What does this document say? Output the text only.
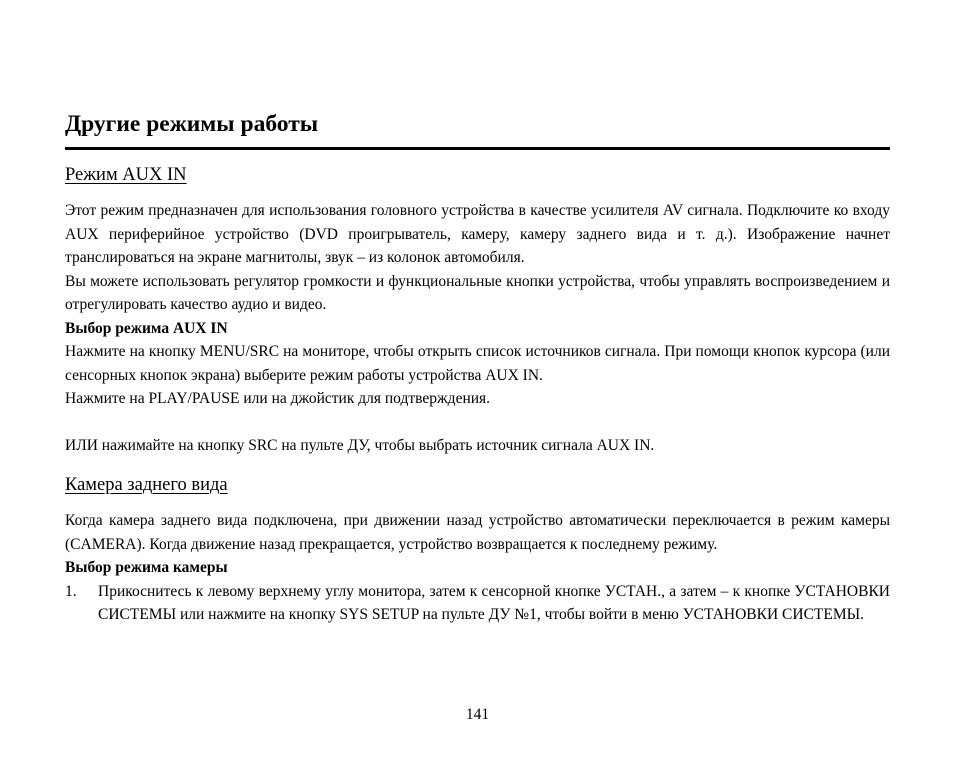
Другие режимы работы
Режим AUX IN

Этот режим предназначен для использования головного устройства в качестве усилителя AV сигнала. Подключите ко входу AUX периферийное устройство (DVD проигрыватель, камеру, камеру заднего вида и т. д.). Изображение начнет транслироваться на экране магнитолы, звук – из колонок автомобиля.

Вы можете использовать регулятор громкости и функциональные кнопки устройства, чтобы управлять воспроизведением и отрегулировать качество аудио и видео.

Выбор режима AUX IN

Нажмите на кнопку MENU/SRC на мониторе, чтобы открыть список источников сигнала. При помощи кнопок курсора (или сенсорных кнопок экрана) выберите режим работы устройства AUX IN.

Нажмите на PLAY/PAUSE или на джойстик для подтверждения.

ИЛИ нажимайте на кнопку SRC на пульте ДУ, чтобы выбрать источник сигнала AUX IN.

Камера заднего вида

Когда камера заднего вида подключена, при движении назад устройство автоматически переключается в режим камеры (CAMERA). Когда движение назад прекращается, устройство возвращается к последнему режиму.

Выбор режима камеры

1.	Прикоснитесь к левому верхнему углу монитора, затем к сенсорной кнопке УСТАН., а затем – к кнопке УСТАНОВКИ СИСТЕМЫ или нажмите на кнопку SYS SETUP на пульте ДУ №1, чтобы войти в меню УСТАНОВКИ СИСТЕМЫ.
141
